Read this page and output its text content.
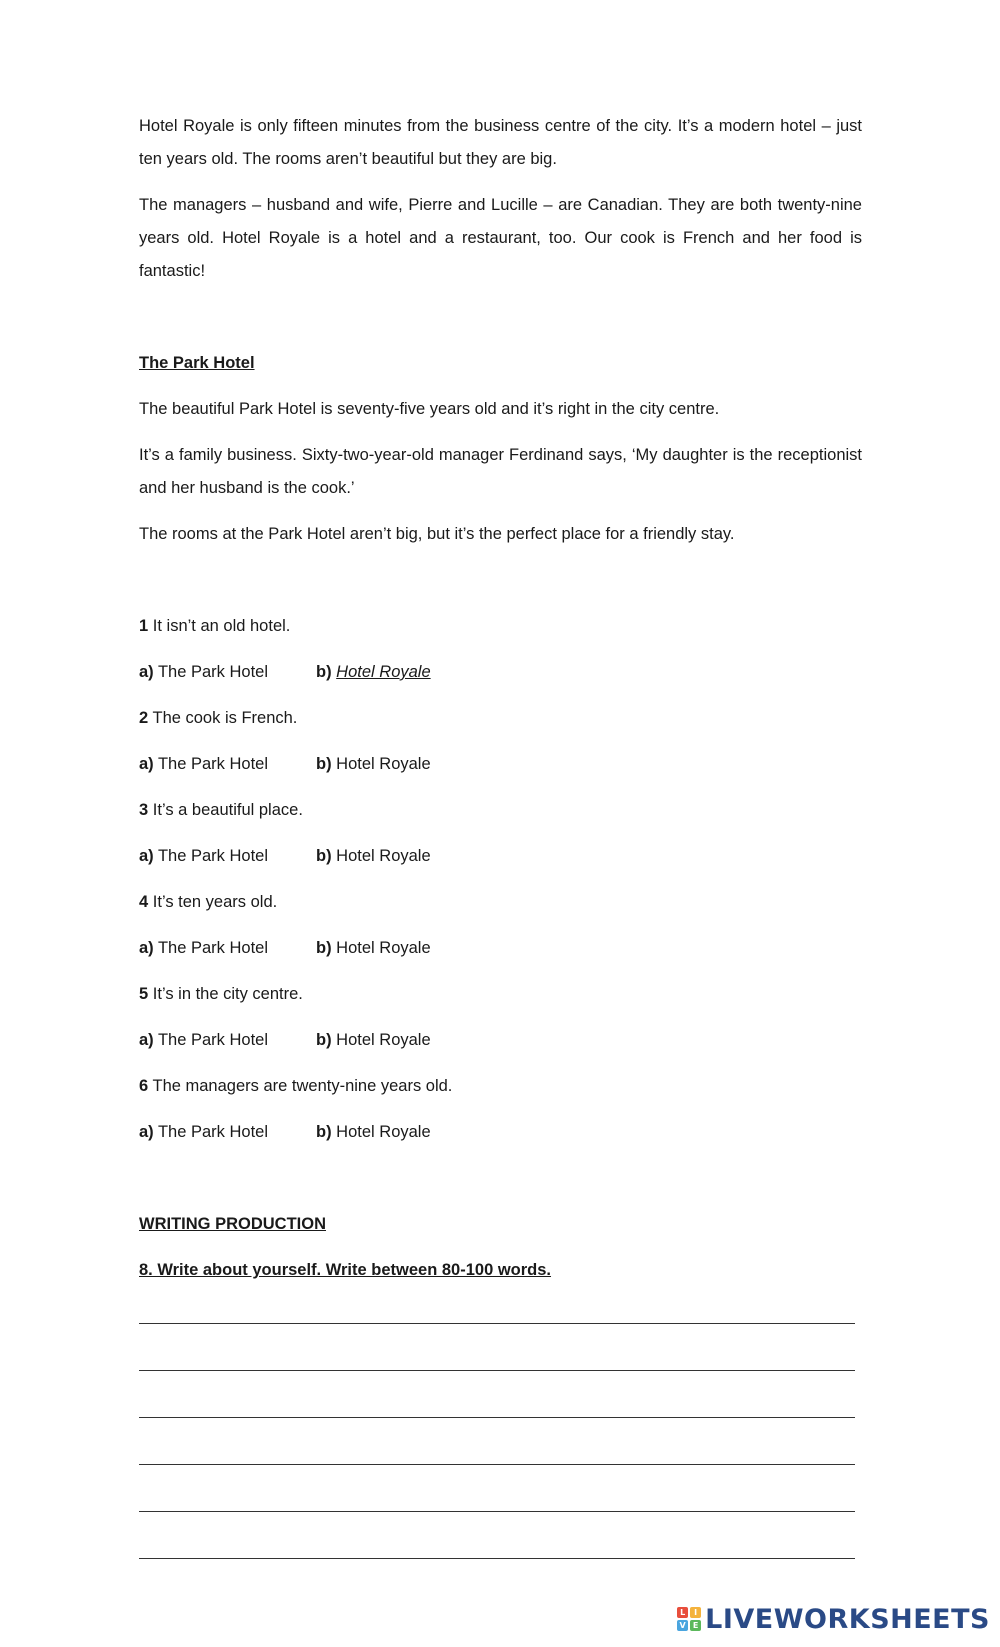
Hotel Royale is only fifteen minutes from the business centre of the city. It’s a modern hotel – just ten years old. The rooms aren’t beautiful but they are big.

The managers – husband and wife, Pierre and Lucille – are Canadian. They are both twenty-nine years old. Hotel Royale is a hotel and a restaurant, too. Our cook is French and her food is fantastic!

The Park Hotel

The beautiful Park Hotel is seventy-five years old and it’s right in the city centre.

It’s a family business. Sixty-two-year-old manager Ferdinand says, ‘My daughter is the receptionist and her husband is the cook.’

The rooms at the Park Hotel aren’t big, but it’s the perfect place for a friendly stay.

1 It isn’t an old hotel.
a) The Park Hotel	b) Hotel Royale
2 The cook is French.
a) The Park Hotel	b) Hotel Royale
3 It’s a beautiful place.
a) The Park Hotel	b) Hotel Royale
4 It’s ten years old.
a) The Park Hotel	b) Hotel Royale
5 It’s in the city centre.
a) The Park Hotel	b) Hotel Royale
6 The managers are twenty-nine years old.
a) The Park Hotel	b) Hotel Royale
WRITING PRODUCTION
8. Write about yourself. Write between 80-100 words.
L	I
V E LIVEWORKSHEETS
